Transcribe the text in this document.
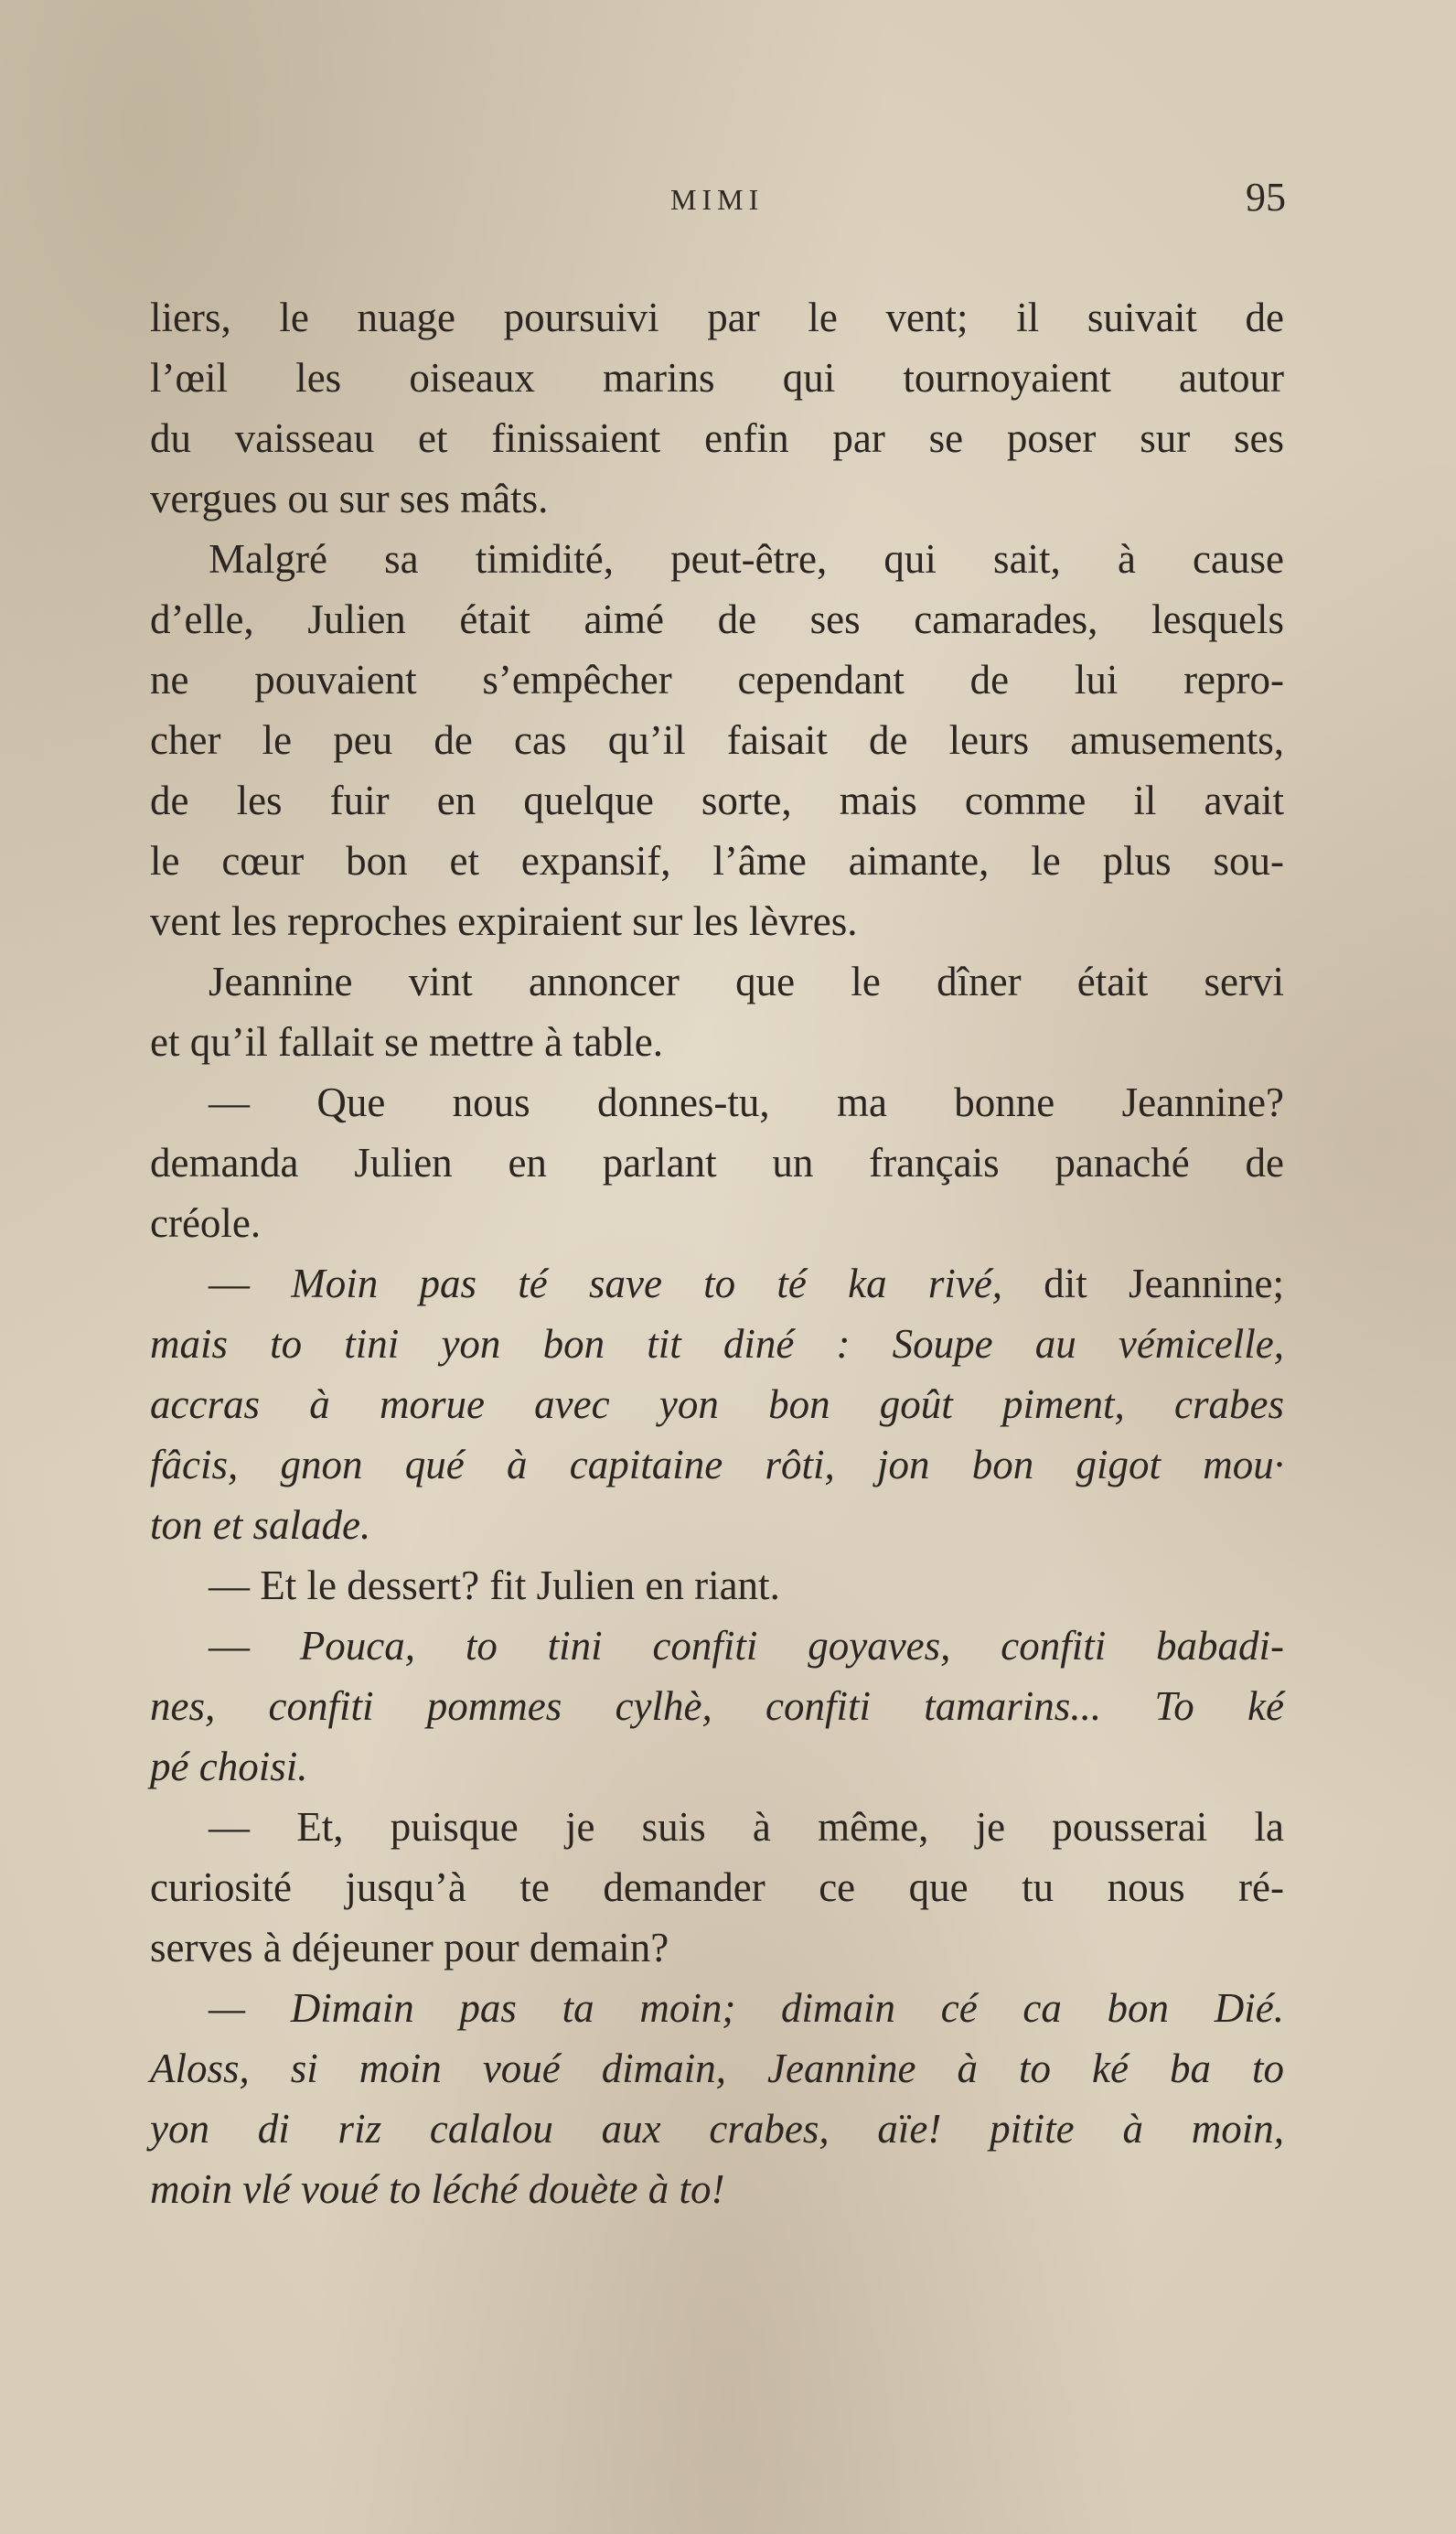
MIMI	95
liers, le nuage poursuivi par le vent; il suivait de
l’œil les oiseaux marins qui tournoyaient autour
du vaisseau et finissaient enfin par se poser sur ses
vergues ou sur ses mâts.
Malgré sa timidité, peut-être, qui sait, à cause
d’elle, Julien était aimé de ses camarades, lesquels
ne pouvaient s’empêcher cependant de lui repro-
cher le peu de cas qu’il faisait de leurs amusements,
de les fuir en quelque sorte, mais comme il avait
le cœur bon et expansif, l’âme aimante, le plus sou-
vent les reproches expiraient sur les lèvres.
Jeannine vint annoncer que le dîner était servi
et qu’il fallait se mettre à table.
— Que nous donnes-tu, ma bonne Jeannine?
demanda Julien en parlant un français panaché de
créole.
— Moin pas té save to té ka rivé, dit Jeannine;
mais to tini yon bon tit diné : Soupe au vémicelle,
accras à morue avec yon bon goût piment, crabes
fâcis, gnon qué à capitaine rôti, jon bon gigot mou·
ton et salade.
— Et le dessert? fit Julien en riant.
— Pouca, to tini confiti goyaves, confiti babadi-
nes, confiti pommes cylhè, confiti tamarins... To ké
pé choisi.
— Et, puisque je suis à même, je pousserai la
curiosité jusqu’à te demander ce que tu nous ré-
serves à déjeuner pour demain?
— Dimain pas ta moin; dimain cé ca bon Dié.
Aloss, si moin voué dimain, Jeannine à to ké ba to
yon di riz calalou aux crabes, aïe! pitite à moin,
moin vlé voué to léché douète à to!
